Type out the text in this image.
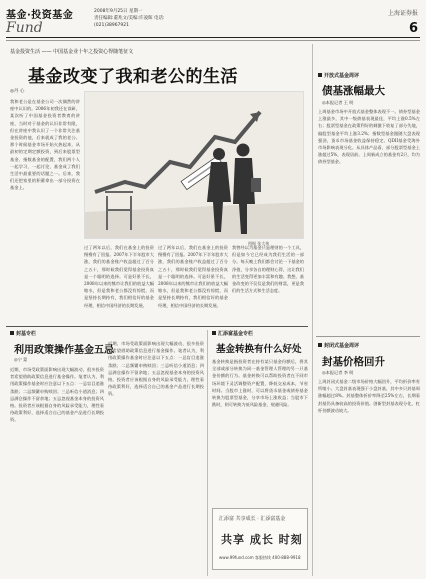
基金·投资基金
Fund
2008年9月25日 星期一
责任编辑:董兆文/美编:许凌晖 电话:
(021)38967921
上海证券报
6
基金投资生活 —— 中国基金业十年之投资心得随笔征文
基金改变了我和老公的生活
◎丹 心
我和老公是在基金公司一次偶然的讲座中认识的。2006年初我还在读研，某次听了中国基金投资者教育的讲座，当时对于基金的认识非常有限，但在讲座中我认识了一个非常关注基金投资的他，后来就成了我的老公。那个时候基金市场开始火热起来，从最初的定期定额投资，到后来股票型基金、指数基金的配置，我们两个人一起学习，一起讨论，基金成了我们生活中最重要的话题之一。后来，我们还把家里的积蓄拿出一部分投资在基金上。
图据 张大伟
过了两年以后，我们在基金上的投资慢慢有了回报。2007年下半年股市大涨，我们的基金账户收益超过了百分之五十，那时候我们觉得基金投资真是一个聪明的选择。可是好景不长，2008年以来的熊市让我们的收益大幅缩水，但是我和老公都没有惊慌，而是坚持长期持有，我们相信好的基金经理，相信中国经济的长期发展。
过了两年以后，我们在基金上的投资慢慢有了回报。2007年下半年股市大涨，我们的基金账户收益超过了百分之五十，那时候我们觉得基金投资真是一个聪明的选择。可是好景不长，2008年以来的熊市让我们的收益大幅缩水，但是我和老公都没有惊慌，而是坚持长期持有，我们相信好的基金经理，相信中国经济的长期发展。
我曾经以为基金只是理财的一个工具，但是如今它已经成为我们生活的一部分。每天晚上我们都会讨论一下基金的净值，分享各自的理财心得，这让我们的生活变得更加丰富和有趣。我想，基金改变的不仅仅是我们的财富，更是我们的生活方式和生活态度。
开放式基金周评
债基涨幅最大
◎本报记者 王 明
上周基金市场中开放式基金整体表现不一。债券型基金上涨最多，其中一级债基表现最佳，平均上涨0.5%左右；股票型基金在政策利好的刺激下收复了部分失地，偏股型基金平均上涨3.2%；指数型基金跟随大盘表现强劲，货币市场基金收益保持稳定。QDII基金受海外市场影响表现分化。从具体产品看，部分股票型基金上涨超过5%，表现居前。上周新成立的基金有2只，均为债券型基金。
封闭式基金周评
封基价格回升
◎本报记者 李 明
上周封闭式基金二级市场价格大幅回升，平均折价率有所缩小。大盘封基表现强于小盘封基，其中多只封基周涨幅超过8%。封基整体折价率降至25%左右，长期看封基仍具备较高的投资价值。创新型封基表现分化，杠杆份额波动较大。
封基专栏
利用政策操作基金五忌
◎宁 蒙
近期，市场受政策面影响出现大幅波动，很多投资者希望借助政策信息进行基金操作。笔者认为，利用政策操作基金时应注意以下五点：一忌盲目追涨杀跌；二忌频繁申购赎回；三忌听信小道消息；四忌满仓操作不留余地；五忌忽视基金本身的投资风格。投资者应该根据自身的风险承受能力，理性看待政策利好，选择适合自己的基金产品进行长期投资。
近期，市场受政策面影响出现大幅波动，很多投资者希望借助政策信息进行基金操作。笔者认为，利用政策操作基金时应注意以下五点：一忌盲目追涨杀跌；二忌频繁申购赎回；三忌听信小道消息；四忌满仓操作不留余地；五忌忽视基金本身的投资风格。投资者应该根据自身的风险承受能力，理性看待政策利好，选择适合自己的基金产品进行长期投资。
汇添富基金专栏
基金转换有什么好处
基金转换是指投资者在持有某只基金份额后，将其全部或部分转换为同一基金管理人管理的另一只基金份额的行为。基金转换可以帮助投资者在不同市场环境下灵活调整资产配置，降低交易成本，节省时间。当股市上涨时，可以将货币基金或债券基金转换为股票型基金，分享市场上涨收益；当股市下跌时，则可转换为低风险基金，规避风险。
汇添富 共享成长 · 汇添富基金
共享 成长 时刻
www.99fund.com 客服热线 400-888-9918
